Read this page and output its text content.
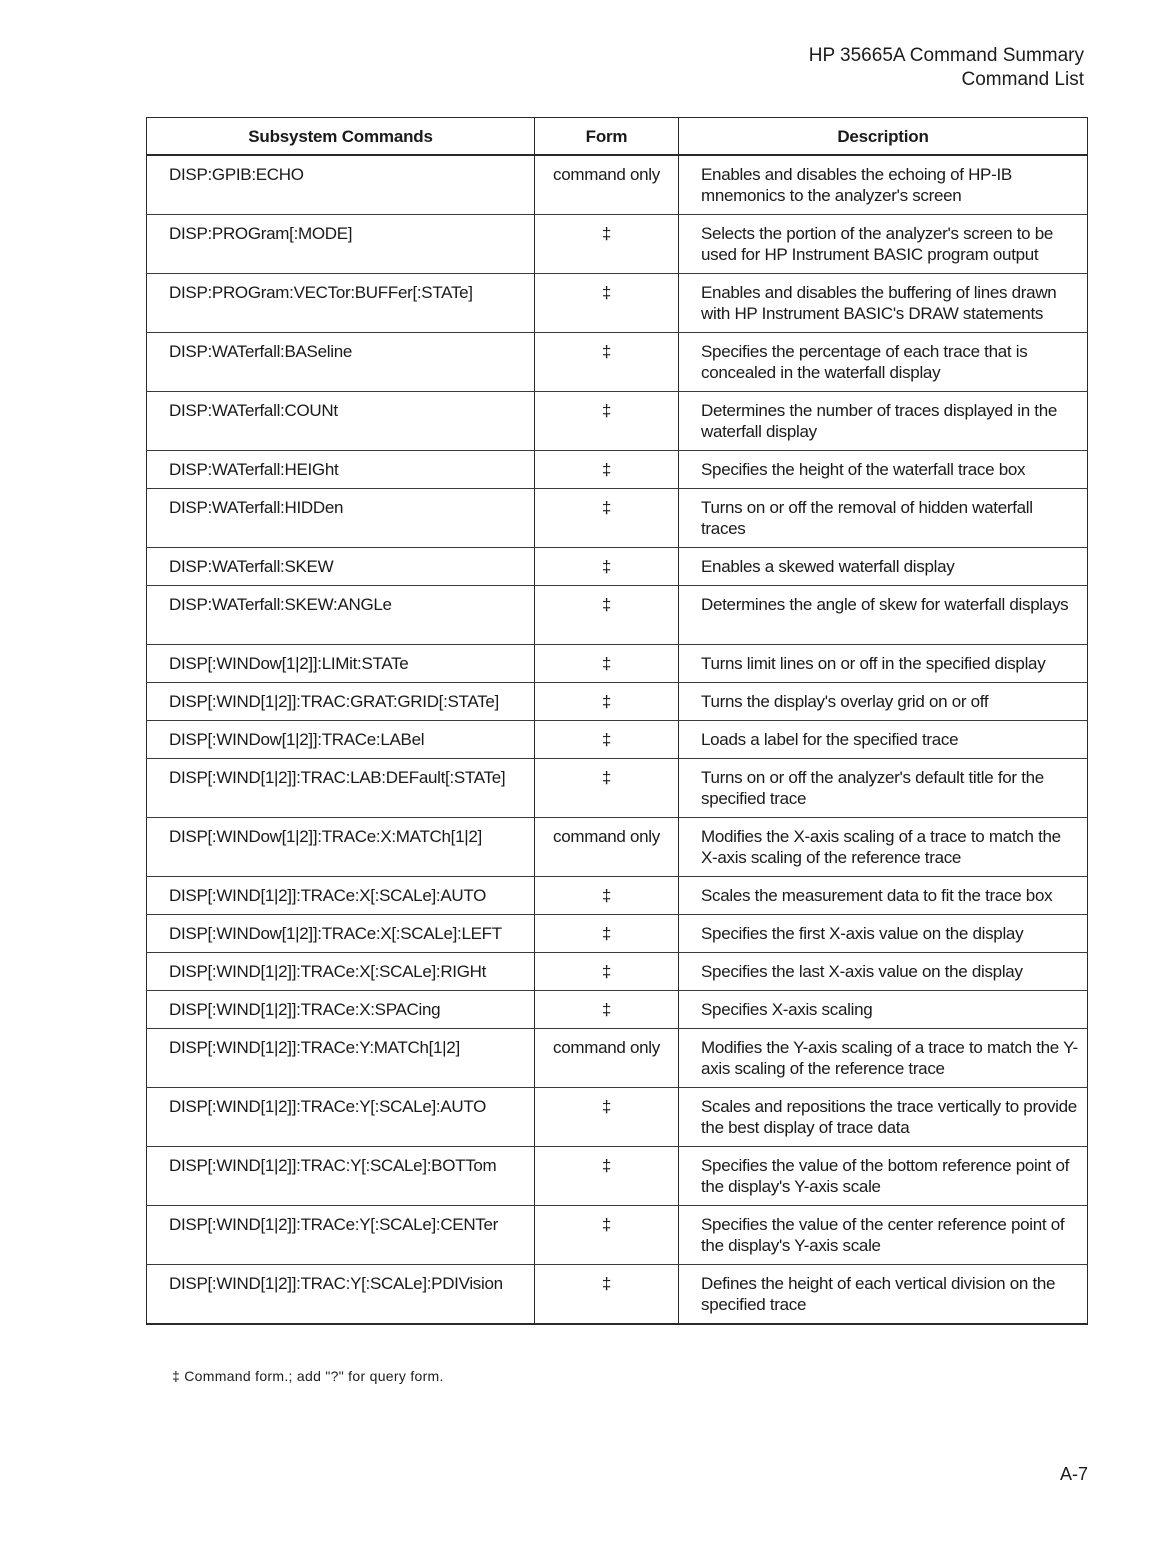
HP 35665A Command Summary
Command List
Subsystem Commands	Form	Description
DISP:GPIB:ECHO	command only	Enables and disables the echoing of HP-IB mnemonics to the analyzer's screen
DISP:PROGram[:MODE]	‡	Selects the portion of the analyzer's screen to be used for HP Instrument BASIC program output
DISP:PROGram:VECTor:BUFFer[:STATe]	‡	Enables and disables the buffering of lines drawn with HP Instrument BASIC's DRAW statements
DISP:WATerfall:BASeline	‡	Specifies the percentage of each trace that is concealed in the waterfall display
DISP:WATerfall:COUNt	‡	Determines the number of traces displayed in the waterfall display
DISP:WATerfall:HEIGht	‡	Specifies the height of the waterfall trace box
DISP:WATerfall:HIDDen	‡	Turns on or off the removal of hidden waterfall traces
DISP:WATerfall:SKEW	‡	Enables a skewed waterfall display
DISP:WATerfall:SKEW:ANGLe	‡	Determines the angle of skew for waterfall displays
DISP[:WINDow[1|2]]:LIMit:STATe	‡	Turns limit lines on or off in the specified display
DISP[:WIND[1|2]]:TRAC:GRAT:GRID[:STATe]	‡	Turns the display's overlay grid on or off
DISP[:WINDow[1|2]]:TRACe:LABel	‡	Loads a label for the specified trace
DISP[:WIND[1|2]]:TRAC:LAB:DEFault[:STATe]	‡	Turns on or off the analyzer's default title for the specified trace
DISP[:WINDow[1|2]]:TRACe:X:MATCh[1|2]	command only	Modifies the X-axis scaling of a trace to match the X-axis scaling of the reference trace
DISP[:WIND[1|2]]:TRACe:X[:SCALe]:AUTO	‡	Scales the measurement data to fit the trace box
DISP[:WINDow[1|2]]:TRACe:X[:SCALe]:LEFT	‡	Specifies the first X-axis value on the display
DISP[:WIND[1|2]]:TRACe:X[:SCALe]:RIGHt	‡	Specifies the last X-axis value on the display
DISP[:WIND[1|2]]:TRACe:X:SPACing	‡	Specifies X-axis scaling
DISP[:WIND[1|2]]:TRACe:Y:MATCh[1|2]	command only	Modifies the Y-axis scaling of a trace to match the Y-axis scaling of the reference trace
DISP[:WIND[1|2]]:TRACe:Y[:SCALe]:AUTO	‡	Scales and repositions the trace vertically to provide the best display of trace data
DISP[:WIND[1|2]]:TRAC:Y[:SCALe]:BOTTom	‡	Specifies the value of the bottom reference point of the display's Y-axis scale
DISP[:WIND[1|2]]:TRACe:Y[:SCALe]:CENTer	‡	Specifies the value of the center reference point of the display's Y-axis scale
DISP[:WIND[1|2]]:TRAC:Y[:SCALe]:PDIVision	‡	Defines the height of each vertical division on the specified trace
‡ Command form.; add "?" for query form.
A-7
